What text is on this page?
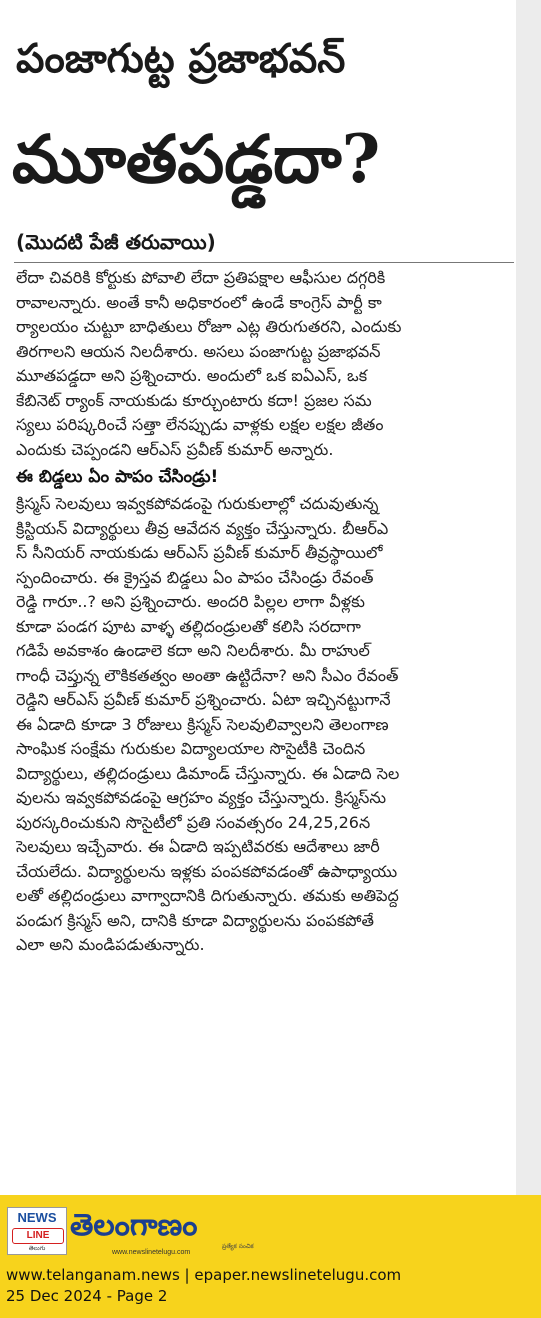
పంజాగుట్ట ప్రజాభవన్
మూతపడ్డదా?
(మొదటి పేజీ తరువాయి)
లేదా చివరికి కోర్టుకు పోవాలి లేదా ప్రతిపక్షాల ఆఫీసుల దగ్గరికి
రావాలన్నారు. అంతే కానీ అధికారంలో ఉండే కాంగ్రెస్ పార్టీ కా
ర్యాలయం చుట్టూ బాధితులు రోజూ ఎట్ల తిరుగుతరని, ఎందుకు
తిరగాలని ఆయన నిలదీశారు. అసలు పంజాగుట్ట ప్రజాభవన్
మూతపడ్డదా అని ప్రశ్నించారు. అందులో ఒక ఐఏఎస్, ఒక
కేబినెట్ ర్యాంక్ నాయకుడు కూర్చుంటారు కదా! ప్రజల సమ
స్యలు పరిష్కరించే సత్తా లేనప్పుడు వాళ్లకు లక్షల లక్షల జీతం
ఎందుకు చెప్పండని ఆర్ఎస్ ప్రవీణ్ కుమార్ అన్నారు.
ఈ బిడ్డలు ఏం పాపం చేసిండ్రు!
క్రిస్మస్ సెలవులు ఇవ్వకపోవడంపై గురుకులాల్లో చదువుతున్న
క్రిస్టియన్ విద్యార్థులు తీవ్ర ఆవేదన వ్యక్తం చేస్తున్నారు. బీఆర్ఎ
స్ సీనియర్ నాయకుడు ఆర్ఎస్ ప్రవీణ్ కుమార్ తీవ్రస్థాయిలో
స్పందించారు. ఈ క్రైస్తవ బిడ్డలు ఏం పాపం చేసిండ్రు రేవంత్
రెడ్డి గారూ..? అని ప్రశ్నించారు. అందరి పిల్లల లాగా వీళ్లకు
కూడా పండగ పూట వాళ్ళ తల్లిదండ్రులతో కలిసి సరదాగా
గడిపే అవకాశం ఉండాలె కదా అని నిలదీశారు. మీ రాహుల్
గాంధీ చెప్తున్న లౌకికతత్వం అంతా ఉట్టిదేనా? అని సీఎం రేవంత్
రెడ్డిని ఆర్ఎస్ ప్రవీణ్ కుమార్ ప్రశ్నించారు. ఏటా ఇచ్చినట్టుగానే
ఈ ఏడాది కూడా 3 రోజులు క్రిస్మస్ సెలవులివ్వాలని తెలంగాణ
సాంఘిక సంక్షేమ గురుకుల విద్యాలయాల సొసైటీకి చెందిన
విద్యార్థులు, తల్లిదండ్రులు డిమాండ్ చేస్తున్నారు. ఈ ఏడాది సెల
వులను ఇవ్వకపోవడంపై ఆగ్రహం వ్యక్తం చేస్తున్నారు. క్రిస్మస్‌ను
పురస్కరించుకుని సొసైటీలో ప్రతి సంవత్సరం 24,25,26న
సెలవులు ఇచ్చేవారు. ఈ ఏడాది ఇప్పటివరకు ఆదేశాలు జారీ
చేయలేదు. విద్యార్థులను ఇళ్లకు పంపకపోవడంతో ఉపాధ్యాయు
లతో తల్లిదండ్రులు వాగ్వాదానికి దిగుతున్నారు. తమకు అతిపెద్ద
పండుగ క్రిస్మస్ అని, దానికి కూడా విద్యార్థులను పంపకపోతే
ఎలా అని మండిపడుతున్నారు.
NEWS
LINE
తెలుగు
తెలంగాణం
ప్రత్యేక సంచిక
www.newslinetelugu.com
www.telanganam.news | epaper.newslinetelugu.com
25 Dec 2024 - Page 2
